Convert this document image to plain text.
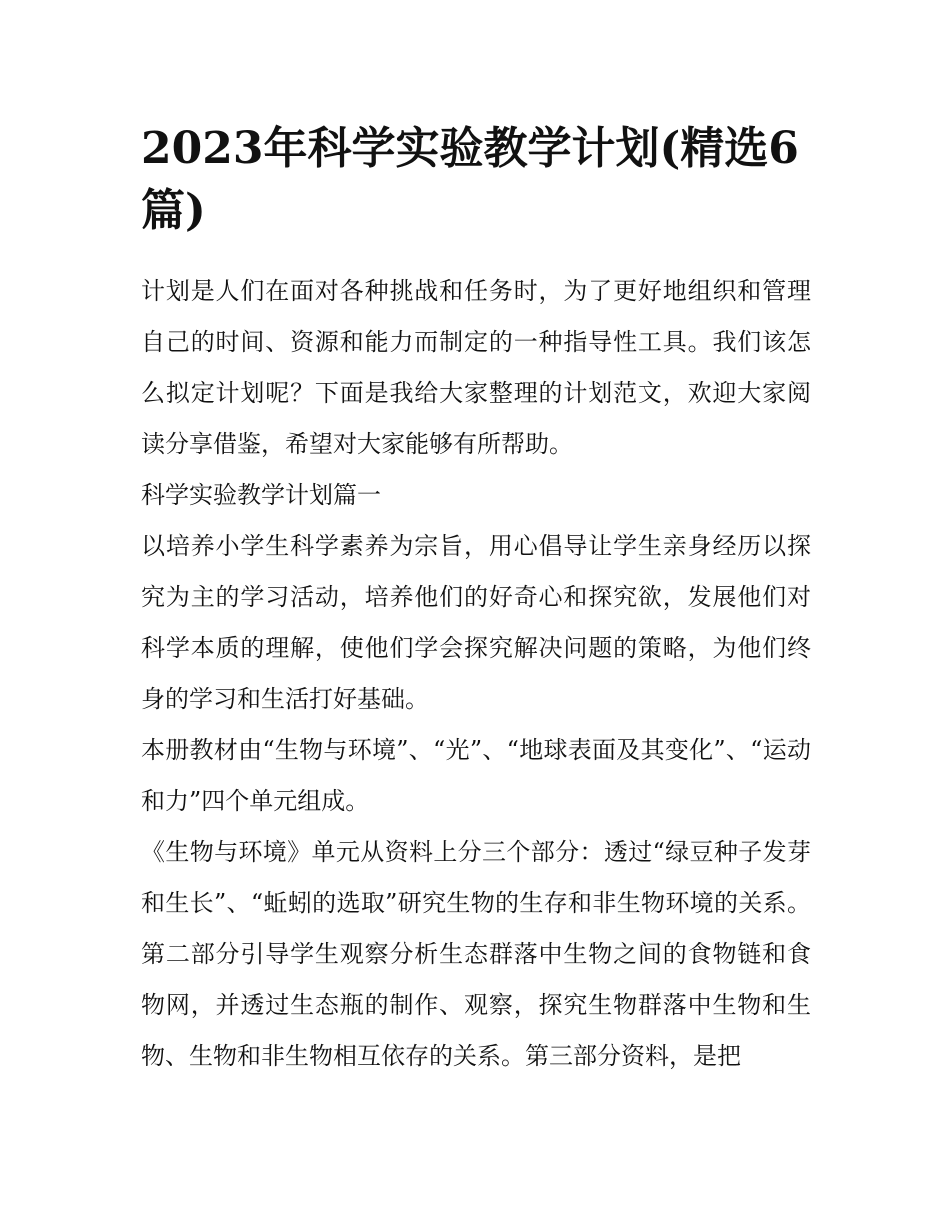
2023年科学实验教学计划(精选6篇)

计划是人们在面对各种挑战和任务时，为了更好地组织和管理自己的时间、资源和能力而制定的一种指导性工具。我们该怎么拟定计划呢？下面是我给大家整理的计划范文，欢迎大家阅读分享借鉴，希望对大家能够有所帮助。

科学实验教学计划篇一

以培养小学生科学素养为宗旨，用心倡导让学生亲身经历以探究为主的学习活动，培养他们的好奇心和探究欲，发展他们对科学本质的理解，使他们学会探究解决问题的策略，为他们终身的学习和生活打好基础。

本册教材由“生物与环境”、“光”、“地球表面及其变化”、“运动和力”四个单元组成。

《生物与环境》单元从资料上分三个部分：透过“绿豆种子发芽和生长”、“蚯蚓的选取”研究生物的生存和非生物环境的关系。第二部分引导学生观察分析生态群落中生物之间的食物链和食物网，并透过生态瓶的制作、观察，探究生物群落中生物和生物、生物和非生物相互依存的关系。第三部分资料，是把
